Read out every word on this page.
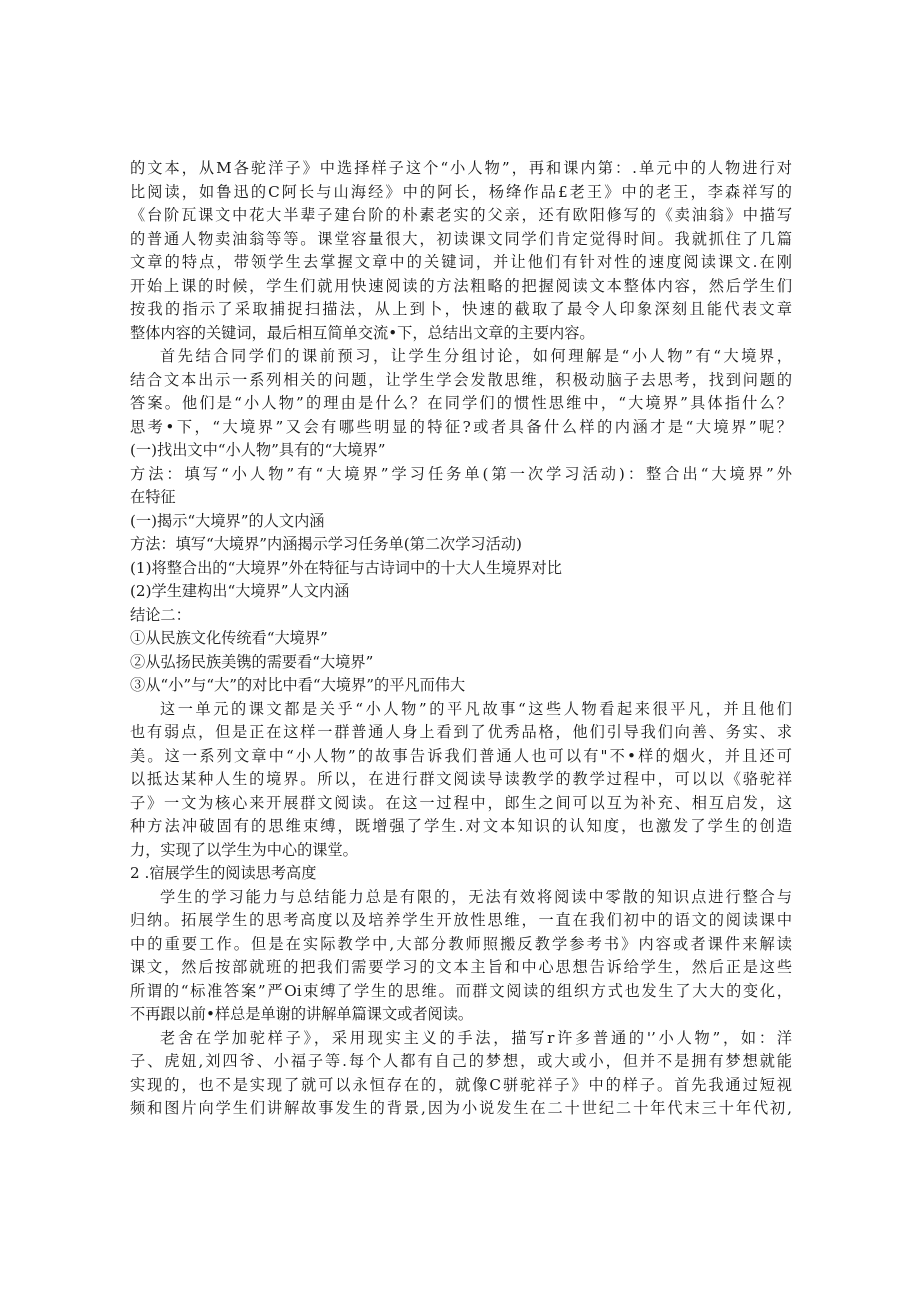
的文本，从M各驼洋子》中选择样子这个“小人物”，再和课内第：.单元中的人物进行对
比阅读，如鲁迅的C阿长与山海经》中的阿长，杨绛作品£老王》中的老王，李森祥写的
《台阶瓦课文中花大半辈子建台阶的朴素老实的父亲，还有欧阳修写的《卖油翁》中描写
的普通人物卖油翁等等。课堂容量很大，初读课文同学们肯定觉得时间。我就抓住了几篇
文章的特点，带领学生去掌握文章中的关键词，并让他们有针对性的速度阅读课文.在刚
开始上课的时候，学生们就用快速阅读的方法粗略的把握阅读文本整体内容，然后学生们
按我的指示了采取捕捉扫描法，从上到卜，快速的截取了最令人印象深刻且能代表文章
整体内容的关键词，最后相互简单交流•下，总结出文章的主要内容。
首先结合同学们的课前预习，让学生分组讨论，如何理解是“小人物”有“大境界，
结合文本出示一系列相关的问题，让学生学会发散思维，积极动脑子去思考，找到问题的
答案。他们是“小人物”的理由是什么？在同学们的惯性思维中，“大境界”具体指什么？
思考•下，“大境界”又会有哪些明显的特征?或者具备什么样的内涵才是“大境界”呢？
(一)找出文中“小人物”具有的“大境界”
方法：填写“小人物”有“大境界”学习任务单(第一次学习活动)：整合出“大境界”外
在特征
(一)揭示“大境界”的人文内涵
方法：填写“大境界”内涵揭示学习任务单(第二次学习活动)
(1)将整合出的“大境界”外在特征与古诗词中的十大人生境界对比
(2)学生建构出“大境界”人文内涵
结论二：
①从民族文化传统看“大境界”
②从弘扬民族美镌的需要看“大境界”
③从“小”与“大”的对比中看“大境界”的平凡而伟大
这一单元的课文都是关乎“小人物”的平凡故事“这些人物看起来很平凡，并且他们
也有弱点，但是正在这样一群普通人身上看到了优秀品格，他们引导我们向善、务实、求
美。这一系列文章中“小人物”的故事告诉我们普通人也可以有"不•样的烟火，并且还可
以抵达某种人生的境界。所以，在进行群文阅读导读教学的教学过程中，可以以《骆驼祥
子》一文为核心来开展群文阅读。在这一过程中，郎生之间可以互为补充、相互启发，这
种方法冲破固有的思维束缚，既增强了学生.对文本知识的认知度，也激发了学生的创造
力，实现了以学生为中心的课堂。
2 .宿展学生的阅读思考高度
学生的学习能力与总结能力总是有限的，无法有效将阅读中零散的知识点进行整合与
归纳。拓展学生的思考高度以及培养学生开放性思维，一直在我们初中的语文的阅读课中
中的重要工作。但是在实际教学中,大部分教师照搬反教学参考书》内容或者课件来解读
课文，然后按部就班的把我们需要学习的文本主旨和中心思想告诉给学生，然后正是这些
所谓的“标准答案”严Oi束缚了学生的思维。而群文阅读的组织方式也发生了大大的变化，
不再跟以前•样总是单谢的讲解单篇课文或者阅读。
老舍在学加驼样子》，采用现实主义的手法，描写r许多普通的'’小人物”，如：洋
子、虎妞,刘四爷、小福子等.每个人都有自己的梦想，或大或小，但并不是拥有梦想就能
实现的，也不是实现了就可以永恒存在的，就像C骈驼祥子》中的样子。首先我通过短视
频和图片向学生们讲解故事发生的背景,因为小说发生在二十世纪二十年代末三十年代初,
